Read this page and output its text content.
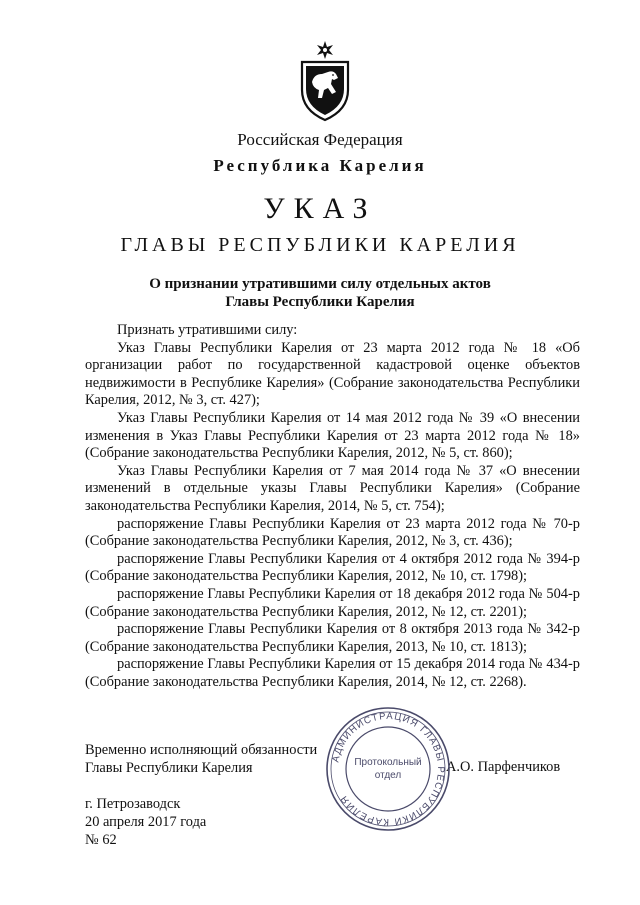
Российская Федерация
Республика Карелия
УКАЗ
ГЛАВЫ РЕСПУБЛИКИ КАРЕЛИЯ
О признании утратившими силу отдельных актов
Главы Республики Карелия

Признать утратившими силу:

Указ Главы Республики Карелия от 23 марта 2012 года № 18 «Об организации работ по государственной кадастровой оценке объектов недвижимости в Республике Карелия» (Собрание законодательства Республики Карелия, 2012, № 3, ст. 427);

Указ Главы Республики Карелия от 14 мая 2012 года № 39 «О внесении изменения в Указ Главы Республики Карелия от 23 марта 2012 года № 18» (Собрание законодательства Республики Карелия, 2012, № 5, ст. 860);

Указ Главы Республики Карелия от 7 мая 2014 года № 37 «О внесении изменений в отдельные указы Главы Республики Карелия» (Собрание законодательства Республики Карелия, 2014, № 5, ст. 754);

распоряжение Главы Республики Карелия от 23 марта 2012 года № 70-р (Собрание законодательства Республики Карелия, 2012, № 3, ст. 436);

распоряжение Главы Республики Карелия от 4 октября 2012 года № 394-р (Собрание законодательства Республики Карелия, 2012, № 10, ст. 1798);

распоряжение Главы Республики Карелия от 18 декабря 2012 года № 504-р (Собрание законодательства Республики Карелия, 2012, № 12, ст. 2201);

распоряжение Главы Республики Карелия от 8 октября 2013 года № 342-р (Собрание законодательства Республики Карелия, 2013, № 10, ст. 1813);

распоряжение Главы Республики Карелия от 15 декабря 2014 года № 434-р (Собрание законодательства Республики Карелия, 2014, № 12, ст. 2268).

Временно исполняющий обязанности
Главы Республики Карелия	А.О. Парфенчиков
АДМИНИСТРАЦИЯ ГЛАВЫ РЕСПУБЛИКИ КАРЕЛИЯ
Протокольный
отдел
г. Петрозаводск
20 апреля 2017 года
№ 62
